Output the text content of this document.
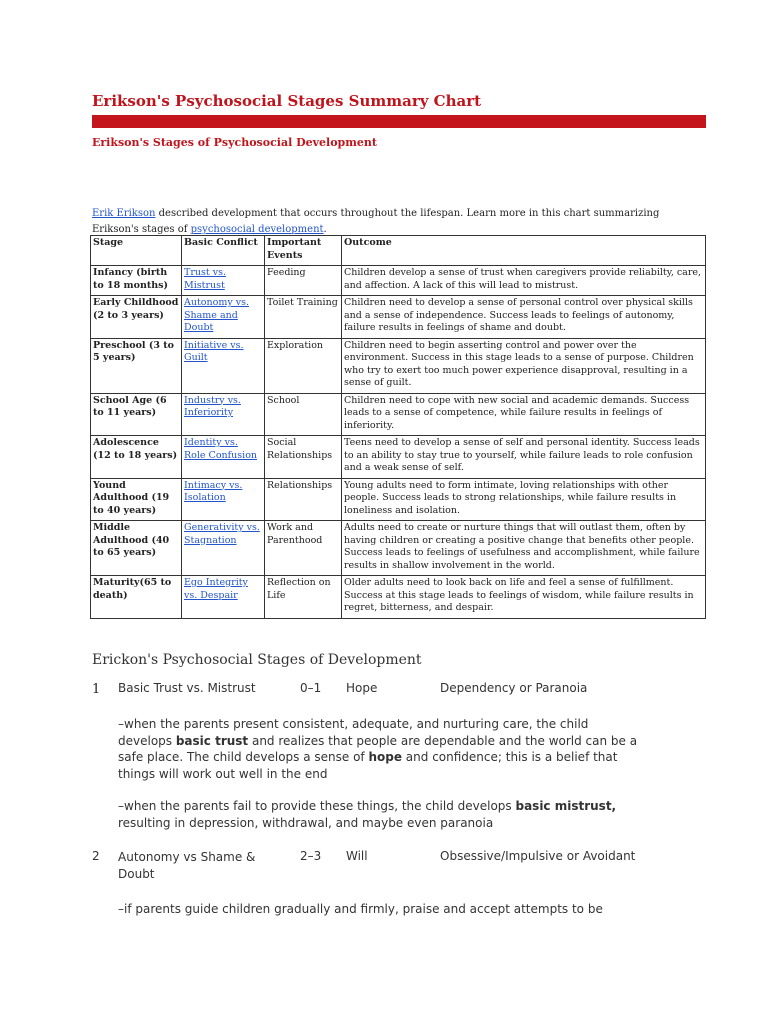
Erikson's Psychosocial Stages Summary Chart
Erikson's Stages of Psychosocial Development
Erik Erikson described development that occurs throughout the lifespan. Learn more in this chart summarizing Erikson's stages of psychosocial development.
Stage	Basic Conflict	Important Events	Outcome
Infancy (birth to 18 months)	Trust vs. Mistrust	Feeding	Children develop a sense of trust when caregivers provide reliabilty, care, and affection. A lack of this will lead to mistrust.
Early Childhood (2 to 3 years)	Autonomy vs. Shame and Doubt	Toilet Training	Children need to develop a sense of personal control over physical skills and a sense of independence. Success leads to feelings of autonomy, failure results in feelings of shame and doubt.
Preschool (3 to 5 years)	Initiative vs. Guilt	Exploration	Children need to begin asserting control and power over the environment. Success in this stage leads to a sense of purpose. Children who try to exert too much power experience disapproval, resulting in a sense of guilt.
School Age (6 to 11 years)	Industry vs. Inferiority	School	Children need to cope with new social and academic demands. Success leads to a sense of competence, while failure results in feelings of inferiority.
Adolescence (12 to 18 years)	Identity vs. Role Confusion	Social Relationships	Teens need to develop a sense of self and personal identity. Success leads to an ability to stay true to yourself, while failure leads to role confusion and a weak sense of self.
Yound Adulthood (19 to 40 years)	Intimacy vs. Isolation	Relationships	Young adults need to form intimate, loving relationships with other people. Success leads to strong relationships, while failure results in loneliness and isolation.
Middle Adulthood (40 to 65 years)	Generativity vs. Stagnation	Work and Parenthood	Adults need to create or nurture things that will outlast them, often by having children or creating a positive change that benefits other people. Success leads to feelings of usefulness and accomplishment, while failure results in shallow involvement in the world.
Maturity(65 to death)	Ego Integrity vs. Despair	Reflection on Life	Older adults need to look back on life and feel a sense of fulfillment. Success at this stage leads to feelings of wisdom, while failure results in regret, bitterness, and despair.
Erickon's Psychosocial Stages of Development
1 Basic Trust vs. Mistrust	0–1 Hope	Dependency or Paranoia
–when the parents present consistent, adequate, and nurturing care, the child develops basic trust and realizes that people are dependable and the world can be a safe place. The child develops a sense of hope and confidence; this is a belief that things will work out well in the end
–when the parents fail to provide these things, the child develops basic mistrust, resulting in depression, withdrawal, and maybe even paranoia
2 Autonomy vs Shame & Doubt
2–3 Will	Obsessive/Impulsive or Avoidant
–if parents guide children gradually and firmly, praise and accept attempts to be
